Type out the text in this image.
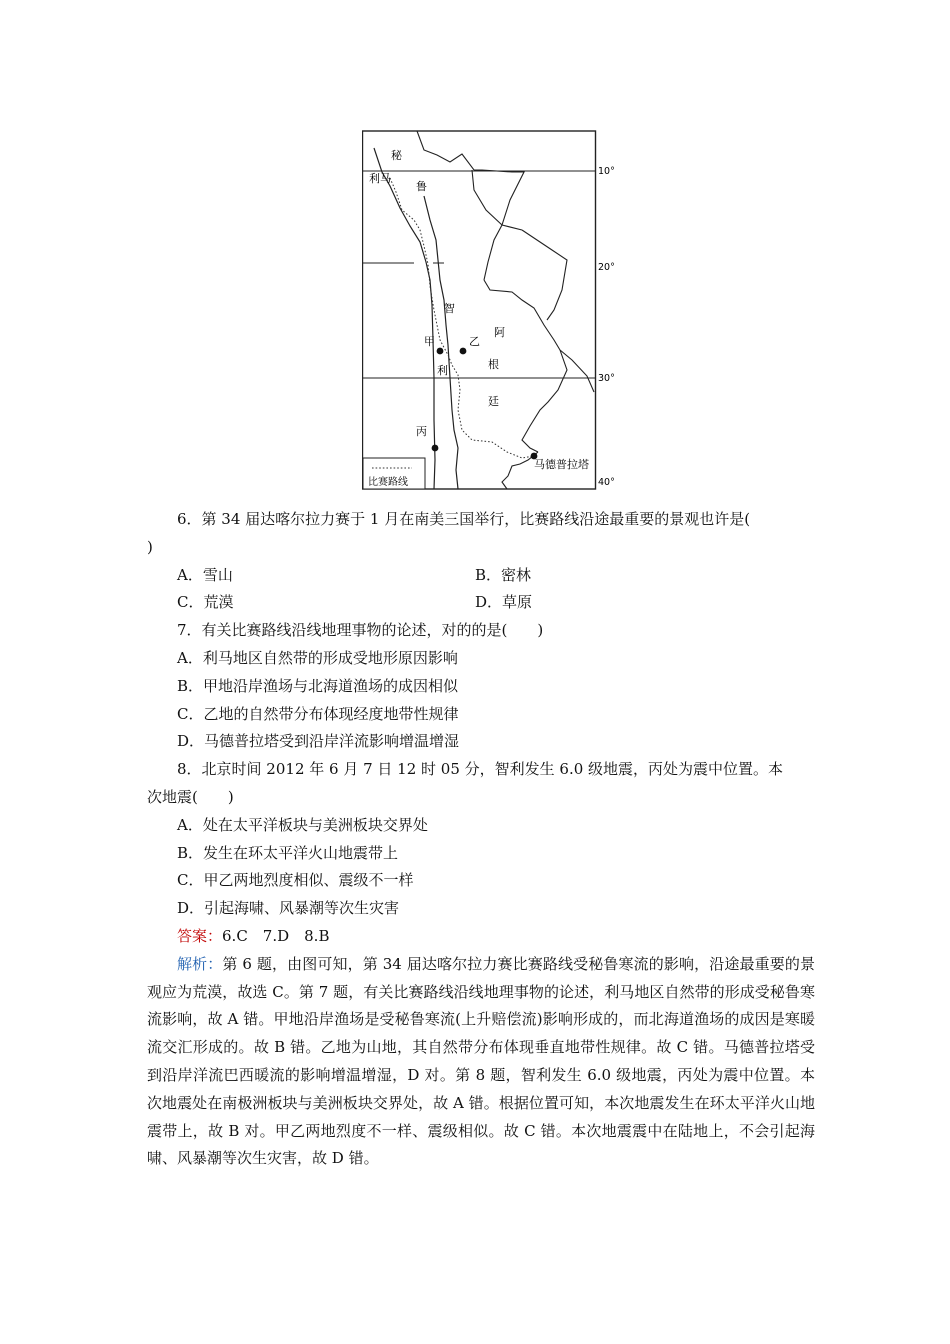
秘
利马
鲁
智
甲	乙
阿
利	根
廷
丙
马德普拉塔
10°
20°
30°
40°
比赛路线
6．第 34 届达喀尔拉力赛于 1 月在南美三国举行，比赛路线沿途最重要的景观也许是(
)
A．雪山	B．密林
C．荒漠	D．草原
7．有关比赛路线沿线地理事物的论述，对的的是(　　)
A．利马地区自然带的形成受地形原因影响
B．甲地沿岸渔场与北海道渔场的成因相似
C．乙地的自然带分布体现经度地带性规律
D．马德普拉塔受到沿岸洋流影响增温增湿
8．北京时间 2012 年 6 月 7 日 12 时 05 分，智利发生 6.0 级地震，丙处为震中位置。本
次地震(　　)
A．处在太平洋板块与美洲板块交界处
B．发生在环太平洋火山地震带上
C．甲乙两地烈度相似、震级不一样
D．引起海啸、风暴潮等次生灾害
答案：6.C　7.D　8.B
解析：第 6 题，由图可知，第 34 届达喀尔拉力赛比赛路线受秘鲁寒流的影响，沿途最重要的景观应为荒漠，故选 C。第 7 题，有关比赛路线沿线地理事物的论述，利马地区自然带的形成受秘鲁寒流影响，故 A 错。甲地沿岸渔场是受秘鲁寒流(上升赔偿流)影响形成的，而北海道渔场的成因是寒暖流交汇形成的。故 B 错。乙地为山地，其自然带分布体现垂直地带性规律。故 C 错。马德普拉塔受到沿岸洋流巴西暖流的影响增温增湿，D 对。第 8 题，智利发生 6.0 级地震，丙处为震中位置。本次地震处在南极洲板块与美洲板块交界处，故 A 错。根据位置可知，本次地震发生在环太平洋火山地震带上，故 B 对。甲乙两地烈度不一样、震级相似。故 C 错。本次地震震中在陆地上，不会引起海啸、风暴潮等次生灾害，故 D 错。
